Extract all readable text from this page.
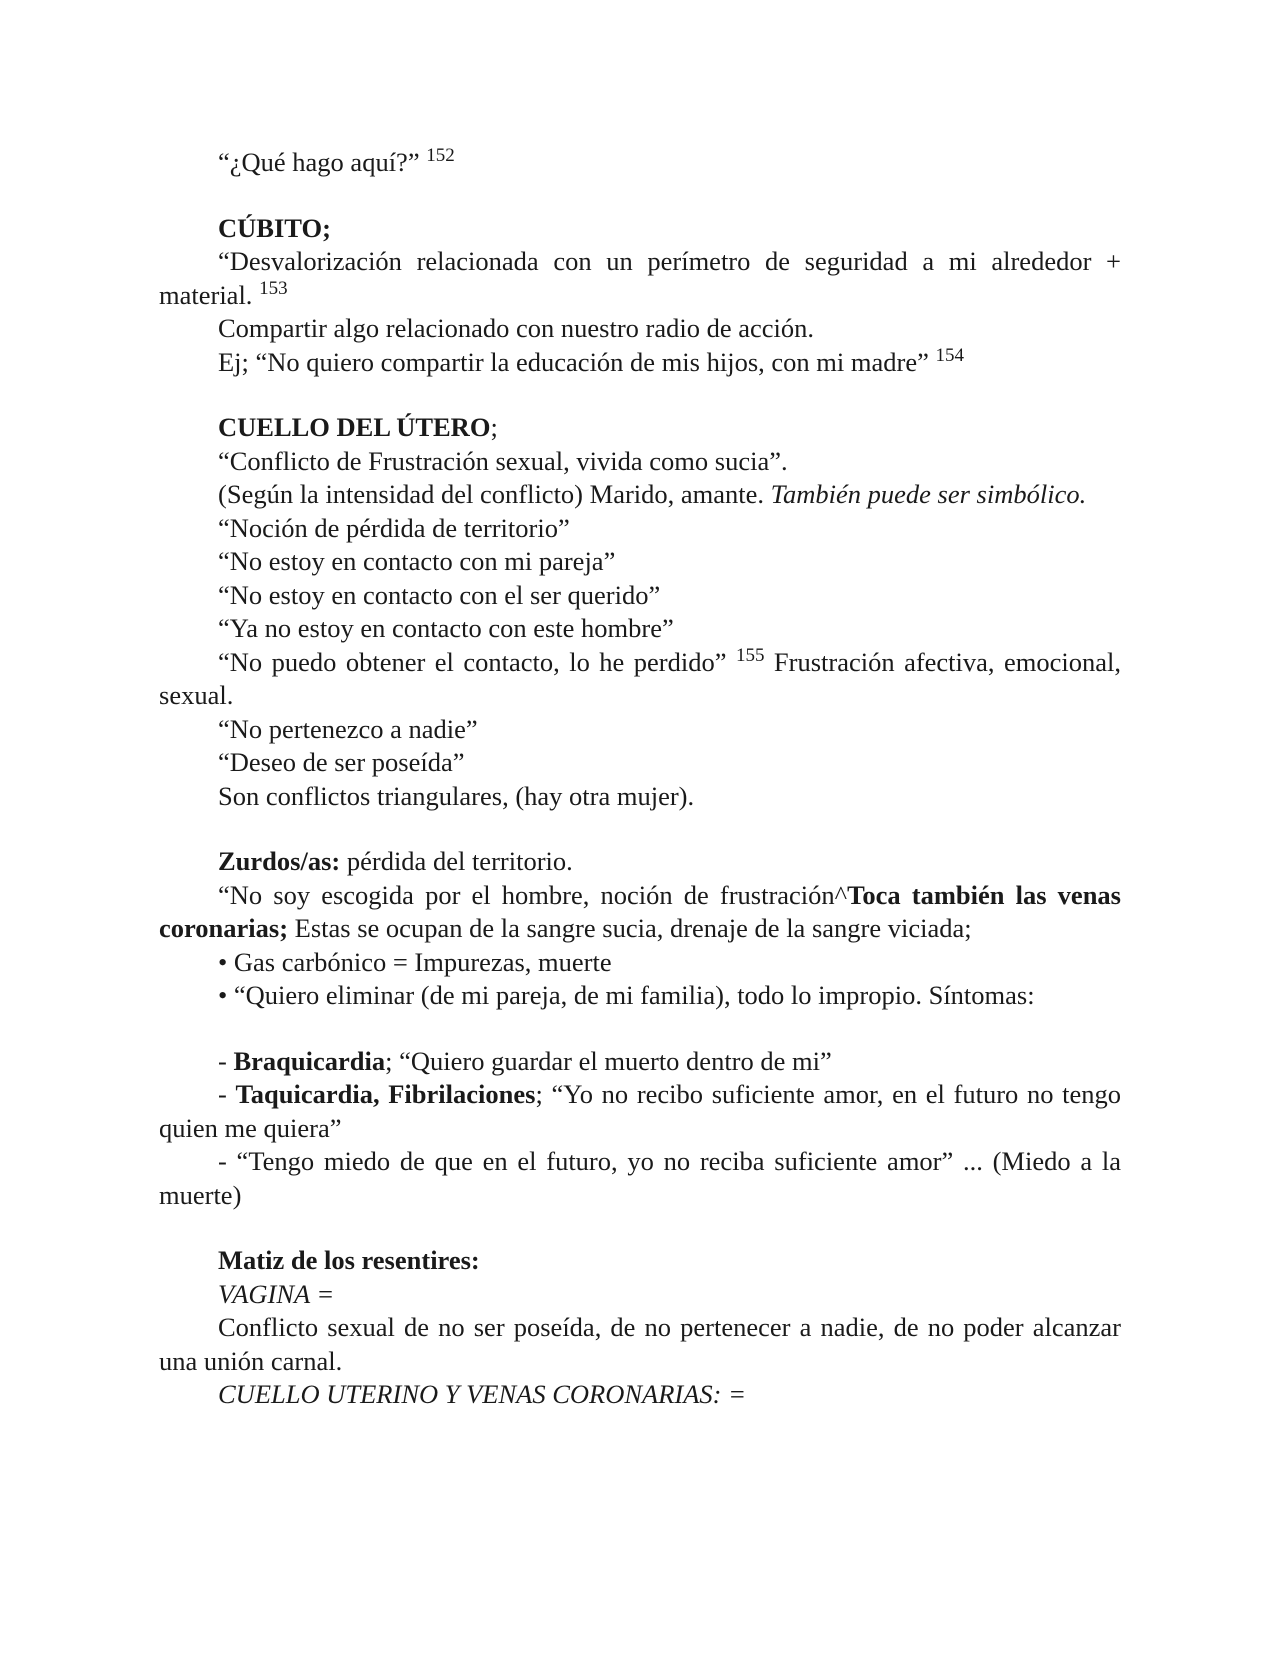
“¿Qué hago aquí?” $^{152}$

CÚBITO;

“Desvalorización relacionada con un perímetro de seguridad a mi alrededor + material. $^{153}$

Compartir algo relacionado con nuestro radio de acción.

Ej; “No quiero compartir la educación de mis hijos, con mi madre” $^{154}$

CUELLO DEL ÚTERO;

“Conflicto de Frustración sexual, vivida como sucia”.

(Según la intensidad del conflicto) Marido, amante. También puede ser simbólico.

“Noción de pérdida de territorio”

“No estoy en contacto con mi pareja”

“No estoy en contacto con el ser querido”

“Ya no estoy en contacto con este hombre”

“No puedo obtener el contacto, lo he perdido” $^{155}$ Frustración afectiva, emocional, sexual.

“No pertenezco a nadie”

“Deseo de ser poseída”

Son conflictos triangulares, (hay otra mujer).

Zurdos/as: pérdida del territorio.

“No soy escogida por el hombre, noción de frustración^Toca también las venas coronarias; Estas se ocupan de la sangre sucia, drenaje de la sangre viciada;

• Gas carbónico = Impurezas, muerte

• “Quiero eliminar (de mi pareja, de mi familia), todo lo impropio. Síntomas:

- Braquicardia; “Quiero guardar el muerto dentro de mi”

- Taquicardia, Fibrilaciones; “Yo no recibo suficiente amor, en el futuro no tengo quien me quiera”

- “Tengo miedo de que en el futuro, yo no reciba suficiente amor” ... (Miedo a la muerte)

Matiz de los resentires:

VAGINA =

Conflicto sexual de no ser poseída, de no pertenecer a nadie, de no poder alcanzar una unión carnal.

CUELLO UTERINO Y VENAS CORONARIAS: =
